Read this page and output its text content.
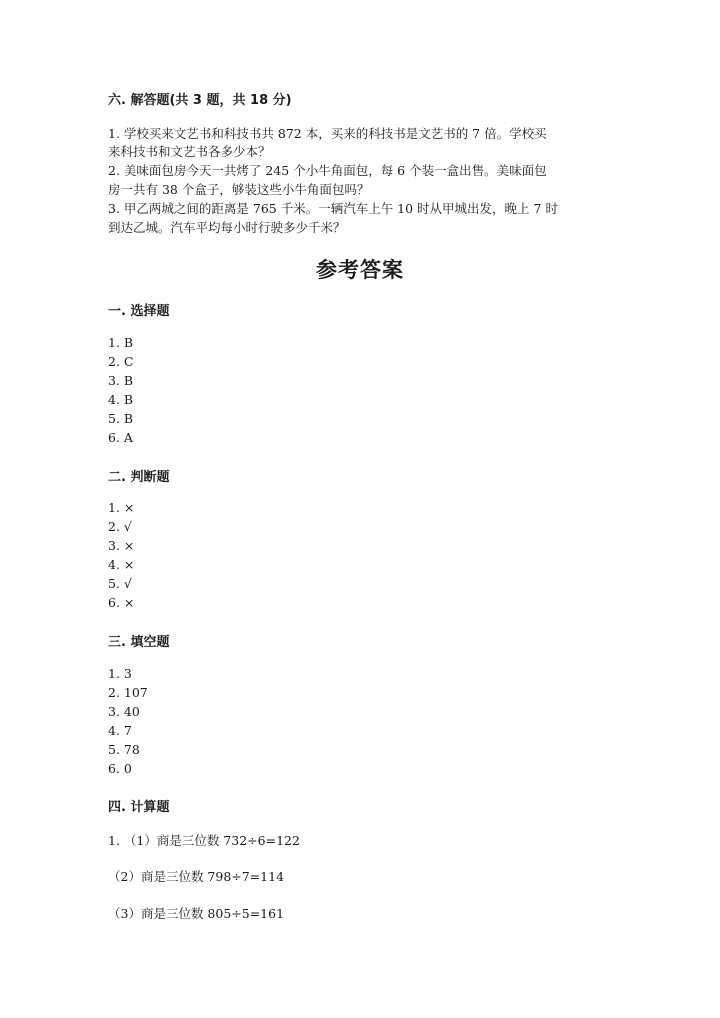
六. 解答题(共 3 题，共 18 分)
1. 学校买来文艺书和科技书共 872 本，买来的科技书是文艺书的 7 倍。学校买
来科技书和文艺书各多少本？
2. 美味面包房今天一共烤了 245 个小牛角面包，每 6 个装一盒出售。美味面包
房一共有 38 个盒子，够装这些小牛角面包吗？
3. 甲乙两城之间的距离是 765 千米。一辆汽车上午 10 时从甲城出发，晚上 7 时
到达乙城。汽车平均每小时行驶多少千米？
参考答案
一. 选择题
1. B
2. C
3. B
4. B
5. B
6. A
二. 判断题
1. ×
2. √
3. ×
4. ×
5. √
6. ×
三. 填空题
1. 3
2. 107
3. 40
4. 7
5. 78
6. 0
四. 计算题
1. （1）商是三位数 732÷6=122
（2）商是三位数 798÷7=114
（3）商是三位数 805÷5=161
